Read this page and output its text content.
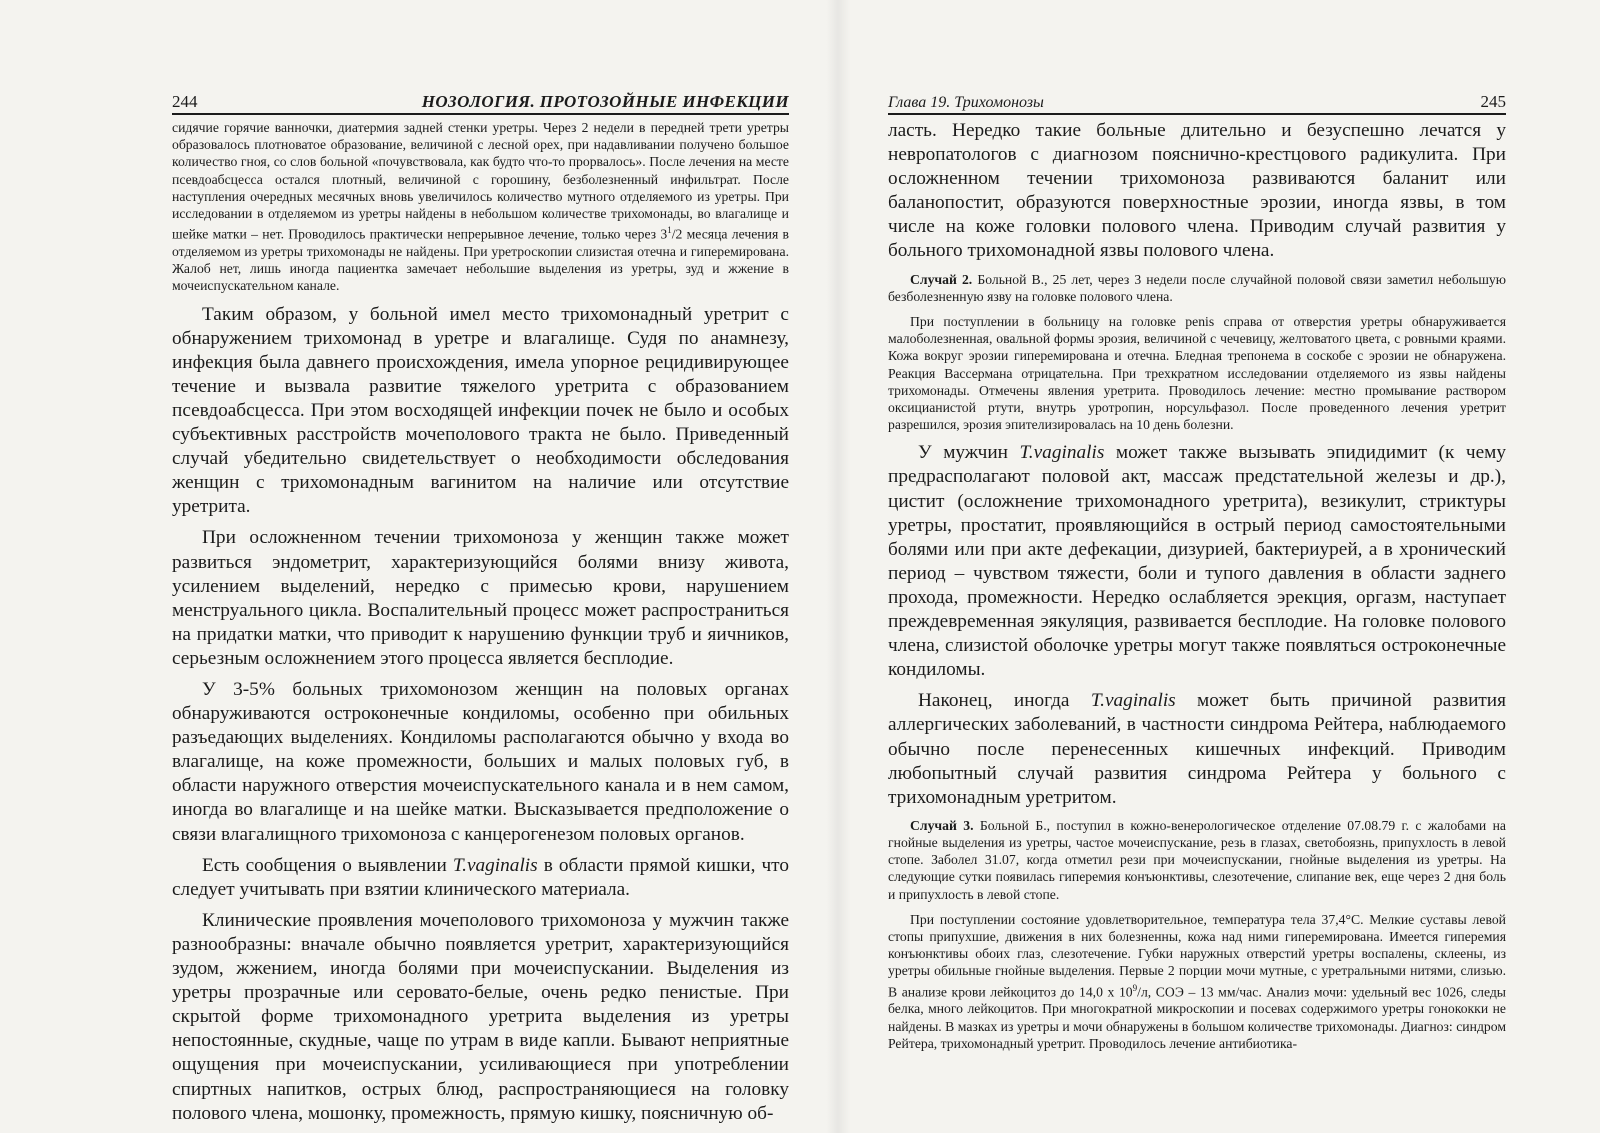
244	НОЗОЛОГИЯ. ПРОТОЗОЙНЫЕ ИНФЕКЦИИ

сидячие горячие ванночки, диатермия задней стенки уретры. Через 2 недели в передней трети уретры образовалось плотноватое образование, величиной с лесной орех, при надавливании получено большое количество гноя, со слов больной «почувствовала, как будто что-то прорвалось». После лечения на месте псевдоабсцесса остался плотный, величиной с горошину, безболезненный инфильтрат. После наступления очередных месячных вновь увеличилось количество мутного отделяемого из уретры. При исследовании в отделяемом из уретры найдены в небольшом количестве трихомонады, во влагалище и шейке матки – нет. Проводилось практически непрерывное лечение, только через $3^1/2$ месяца лечения в отделяемом из уретры трихомонады не найдены. При уретроскопии слизистая отечна и гиперемирована. Жалоб нет, лишь иногда пациентка замечает небольшие выделения из уретры, зуд и жжение в мочеиспускательном канале.

Таким образом, у больной имел место трихомонадный уретрит с обнаружением трихомонад в уретре и влагалище. Судя по анамнезу, инфекция была давнего происхождения, имела упорное рецидивирующее течение и вызвала развитие тяжелого уретрита с образованием псевдоабсцесса. При этом восходящей инфекции почек не было и особых субъективных расстройств мочеполового тракта не было. Приведенный случай убедительно свидетельствует о необходимости обследования женщин с трихомонадным вагинитом на наличие или отсутствие уретрита.

При осложненном течении трихомоноза у женщин также может развиться эндометрит, характеризующийся болями внизу живота, усилением выделений, нередко с примесью крови, нарушением менструального цикла. Воспалительный процесс может распространиться на придатки матки, что приводит к нарушению функции труб и яичников, серьезным осложнением этого процесса является бесплодие.

У 3-5% больных трихомонозом женщин на половых органах обнаруживаются остроконечные кондиломы, особенно при обильных разъедающих выделениях. Кондиломы располагаются обычно у входа во влагалище, на коже промежности, больших и малых половых губ, в области наружного отверстия мочеиспускательного канала и в нем самом, иногда во влагалище и на шейке матки. Высказывается предположение о связи влагалищного трихомоноза с канцерогенезом половых органов.

Есть сообщения о выявлении T.vaginalis в области прямой кишки, что следует учитывать при взятии клинического материала.

Клинические проявления мочеполового трихомоноза у мужчин также разнообразны: вначале обычно появляется уретрит, характеризующийся зудом, жжением, иногда болями при мочеиспускании. Выделения из уретры прозрачные или серовато-белые, очень редко пенистые. При скрытой форме трихомонадного уретрита выделения из уретры непостоянные, скудные, чаще по утрам в виде капли. Бывают неприятные ощущения при мочеиспускании, усиливающиеся при употреблении спиртных напитков, острых блюд, распространяющиеся на головку полового члена, мошонку, промежность, прямую кишку, поясничную об-

Глава 19. Трихомонозы	245

ласть. Нередко такие больные длительно и безуспешно лечатся у невропатологов с диагнозом пояснично-крестцового радикулита. При осложненном течении трихомоноза развиваются баланит или баланопостит, образуются поверхностные эрозии, иногда язвы, в том числе на коже головки полового члена. Приводим случай развития у больного трихомонадной язвы полового члена.

Случай 2. Больной В., 25 лет, через 3 недели после случайной половой связи заметил небольшую безболезненную язву на головке полового члена.

При поступлении в больницу на головке penis справа от отверстия уретры обнаруживается малоболезненная, овальной формы эрозия, величиной с чечевицу, желтоватого цвета, с ровными краями. Кожа вокруг эрозии гиперемирована и отечна. Бледная трепонема в соскобе с эрозии не обнаружена. Реакция Вассермана отрицательна. При трехкратном исследовании отделяемого из язвы найдены трихомонады. Отмечены явления уретрита. Проводилось лечение: местно промывание раствором оксицианистой ртути, внутрь уротропин, норсульфазол. После проведенного лечения уретрит разрешился, эрозия эпителизировалась на 10 день болезни.

У мужчин T.vaginalis может также вызывать эпидидимит (к чему предрасполагают половой акт, массаж предстательной железы и др.), цистит (осложнение трихомонадного уретрита), везикулит, стриктуры уретры, простатит, проявляющийся в острый период самостоятельными болями или при акте дефекации, дизурией, бактериурей, а в хронический период – чувством тяжести, боли и тупого давления в области заднего прохода, промежности. Нередко ослабляется эрекция, оргазм, наступает преждевременная эякуляция, развивается бесплодие. На головке полового члена, слизистой оболочке уретры могут также появляться остроконечные кондиломы.

Наконец, иногда T.vaginalis может быть причиной развития аллергических заболеваний, в частности синдрома Рейтера, наблюдаемого обычно после перенесенных кишечных инфекций. Приводим любопытный случай развития синдрома Рейтера у больного с трихомонадным уретритом.

Случай 3. Больной Б., поступил в кожно-венерологическое отделение 07.08.79 г. с жалобами на гнойные выделения из уретры, частое мочеиспускание, резь в глазах, светобоязнь, припухлость в левой стопе. Заболел 31.07, когда отметил рези при мочеиспускании, гнойные выделения из уретры. На следующие сутки появилась гиперемия конъюнктивы, слезотечение, слипание век, еще через 2 дня боль и припухлость в левой стопе.

При поступлении состояние удовлетворительное, температура тела 37,4°С. Мелкие суставы левой стопы припухшие, движения в них болезненны, кожа над ними гиперемирована. Имеется гиперемия конъюнктивы обоих глаз, слезотечение. Губки наружных отверстий уретры воспалены, склеены, из уретры обильные гнойные выделения. Первые 2 порции мочи мутные, с уретральными нитями, слизью. В анализе крови лейкоцитоз до 14,0 х $10^9/л$, СОЭ – 13 мм/час. Анализ мочи: удельный вес 1026, следы белка, много лейкоцитов. При многократной микроскопии и посевах содержимого уретры гонококки не найдены. В мазках из уретры и мочи обнаружены в большом количестве трихомонады. Диагноз: синдром Рейтера, трихомонадный уретрит. Проводилось лечение антибиотика-
